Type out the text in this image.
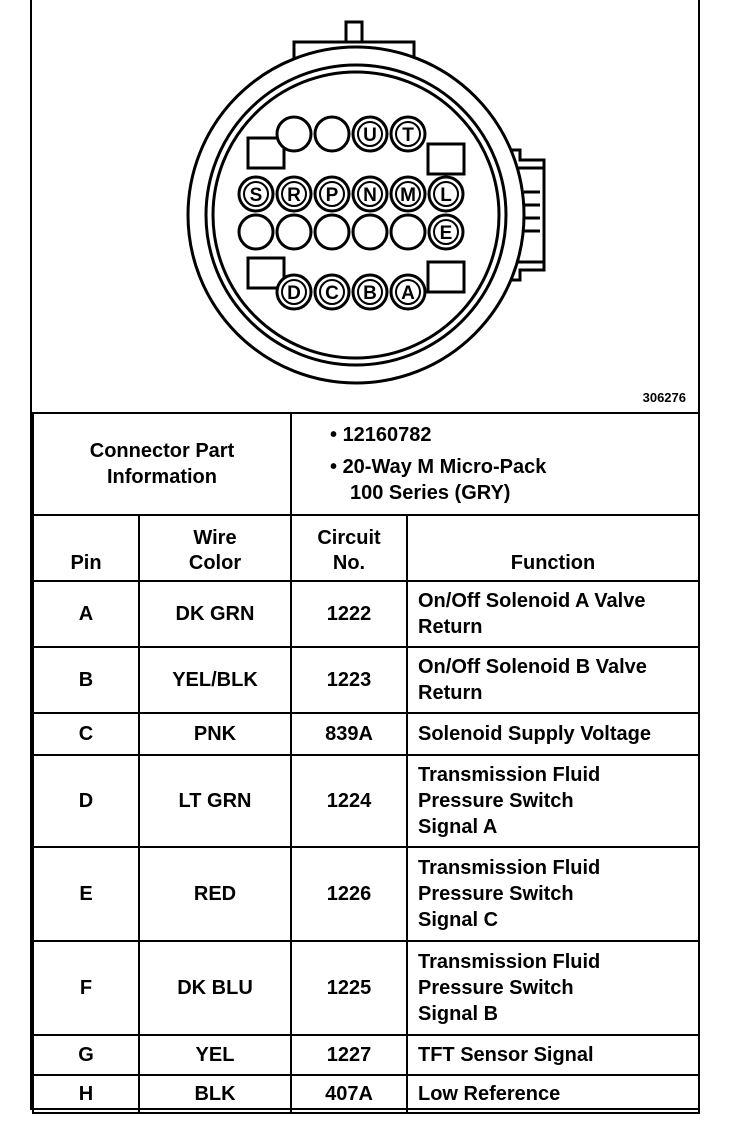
U T
S R P N M L
E
D C B A
306276
Connector Part Information		• 12160782
• 20-Way M Micro-Pack
100 Series (GRY)	

Pin	Wire Color	Circuit No.	Function
A	DK GRN	1222	On/Off Solenoid A Valve Return
B	YEL/BLK	1223	On/Off Solenoid B Valve Return
C	PNK	839A	Solenoid Supply Voltage
D	LT GRN	1224	Transmission Fluid Pressure Switch Signal A
E	RED	1226	Transmission Fluid Pressure Switch Signal C
F	DK BLU	1225	Transmission Fluid Pressure Switch Signal B
G	YEL	1227	TFT Sensor Signal
H	BLK	407A	Low Reference
